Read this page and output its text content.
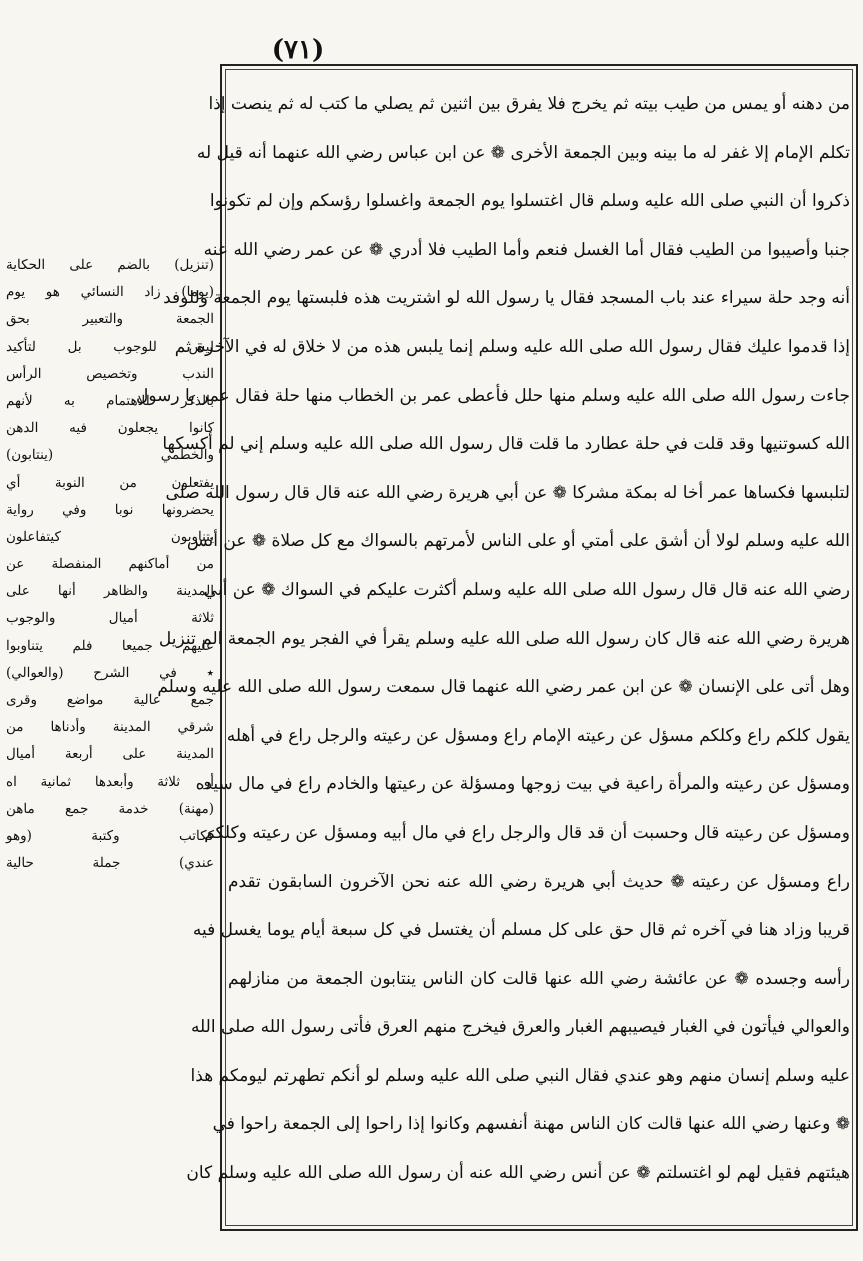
(٧١)
من دهنه أو يمس من طيب بيته ثم يخرج فلا يفرق بين اثنين ثم يصلي ما كتب له ثم ينصت إذا
تكلم الإمام إلا غفر له ما بينه وبين الجمعة الأخرى ❁ عن ابن عباس رضي الله عنهما أنه قيل له
ذكروا أن النبي صلى الله عليه وسلم قال اغتسلوا يوم الجمعة واغسلوا رؤسكم وإن لم تكونوا
جنبا وأصيبوا من الطيب فقال أما الغسل فنعم وأما الطيب فلا أدري ❁ عن عمر رضي الله عنه
أنه وجد حلة سيراء عند باب المسجد فقال يا رسول الله لو اشتريت هذه فلبستها يوم الجمعة وللوفد
إذا قدموا عليك فقال رسول الله صلى الله عليه وسلم إنما يلبس هذه من لا خلاق له في الآخرة ثم
جاءت رسول الله صلى الله عليه وسلم منها حلل فأعطى عمر بن الخطاب منها حلة فقال عمر يا رسول
الله كسوتنيها وقد قلت في حلة عطارد ما قلت قال رسول الله صلى الله عليه وسلم إني لم أكسكها
لتلبسها فكساها عمر أخا له بمكة مشركا ❁ عن أبي هريرة رضي الله عنه قال قال رسول الله صلى
الله عليه وسلم لولا أن أشق على أمتي أو على الناس لأمرتهم بالسواك مع كل صلاة ❁ عن أنس
رضي الله عنه قال قال رسول الله صلى الله عليه وسلم أكثرت عليكم في السواك ❁ عن أبي
هريرة رضي الله عنه قال كان رسول الله صلى الله عليه وسلم يقرأ في الفجر يوم الجمعة الم تنزيل
وهل أتى على الإنسان ❁ عن ابن عمر رضي الله عنهما قال سمعت رسول الله صلى الله عليه وسلم
يقول كلكم راع وكلكم مسؤل عن رعيته الإمام راع ومسؤل عن رعيته والرجل راع في أهله
ومسؤل عن رعيته والمرأة راعية في بيت زوجها ومسؤلة عن رعيتها والخادم راع في مال سيده
ومسؤل عن رعيته قال وحسبت أن قد قال والرجل راع في مال أبيه ومسؤل عن رعيته وكلكم
راع ومسؤل عن رعيته ❁ حديث أبي هريرة رضي الله عنه نحن الآخرون السابقون تقدم
قريبا وزاد هنا في آخره ثم قال حق على كل مسلم أن يغتسل في كل سبعة أيام يوما يغسل فيه
رأسه وجسده ❁ عن عائشة رضي الله عنها قالت كان الناس ينتابون الجمعة من منازلهم
والعوالي فيأتون في الغبار فيصيبهم الغبار والعرق فيخرج منهم العرق فأتى رسول الله صلى الله
عليه وسلم إنسان منهم وهو عندي فقال النبي صلى الله عليه وسلم لو أنكم تطهرتم ليومكم هذا
❁ وعنها رضي الله عنها قالت كان الناس مهنة أنفسهم وكانوا إذا راحوا إلى الجمعة راحوا في
هيئتهم فقيل لهم لو اغتسلتم ❁ عن أنس رضي الله عنه أن رسول الله صلى الله عليه وسلم كان
(تنزيل) بالضم على الحكاية
(يوما) زاد النسائي هو يوم
الجمعة والتعبير بحق
ليس للوجوب بل لتأكيد
الندب وتخصيص الرأس
بالذكر للاهتمام به لأنهم
كانوا يجعلون فيه الدهن
والخطمي (ينتابون)
يفتعلون من النوبة أي
يحضرونها نوبا وفي رواية
يتناوبون كيتفاعلون
من أماكنهم المنفصلة عن
المدينة والظاهر أنها على
ثلاثة أميال والوجوب
عليهم جميعا فلم يتناوبوا
٭ في الشرح (والعوالي)
جمع عالية مواضع وقرى
شرقي المدينة وأدناها من
المدينة على أربعة أميال
أو ثلاثة وأبعدها ثمانية اه
(مهنة) خدمة جمع ماهن
ككاتب وكتبة (وهو
عندي) جملة حالية
